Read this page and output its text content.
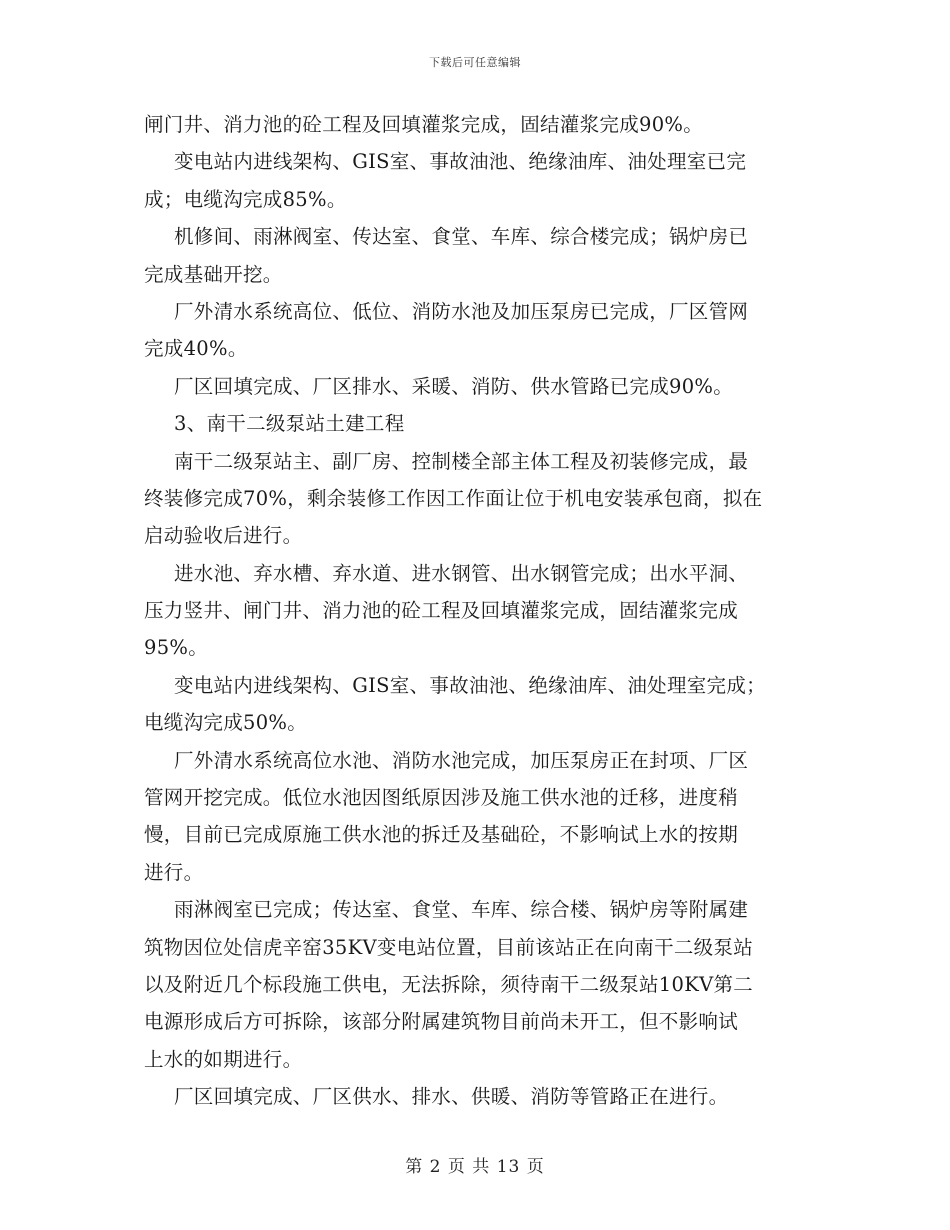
下载后可任意编辑
闸门井、消力池的砼工程及回填灌浆完成，固结灌浆完成90%。
变电站内进线架构、GIS室、事故油池、绝缘油库、油处理室已完
成；电缆沟完成85%。
机修间、雨淋阀室、传达室、食堂、车库、综合楼完成；锅炉房已
完成基础开挖。
厂外清水系统高位、低位、消防水池及加压泵房已完成，厂区管网
完成40%。
厂区回填完成、厂区排水、采暖、消防、供水管路已完成90%。
3、南干二级泵站土建工程
南干二级泵站主、副厂房、控制楼全部主体工程及初装修完成，最
终装修完成70%，剩余装修工作因工作面让位于机电安装承包商，拟在
启动验收后进行。
进水池、弃水槽、弃水道、进水钢管、出水钢管完成；出水平洞、
压力竖井、闸门井、消力池的砼工程及回填灌浆完成，固结灌浆完成
95%。
变电站内进线架构、GIS室、事故油池、绝缘油库、油处理室完成；
电缆沟完成50%。
厂外清水系统高位水池、消防水池完成，加压泵房正在封项、厂区
管网开挖完成。低位水池因图纸原因涉及施工供水池的迁移，进度稍
慢，目前已完成原施工供水池的拆迁及基础砼，不影响试上水的按期
进行。
雨淋阀室已完成；传达室、食堂、车库、综合楼、锅炉房等附属建
筑物因位处信虎辛窑35KV变电站位置，目前该站正在向南干二级泵站
以及附近几个标段施工供电，无法拆除，须待南干二级泵站10KV第二
电源形成后方可拆除，该部分附属建筑物目前尚未开工，但不影响试
上水的如期进行。
厂区回填完成、厂区供水、排水、供暖、消防等管路正在进行。
第 2 页 共 13 页
